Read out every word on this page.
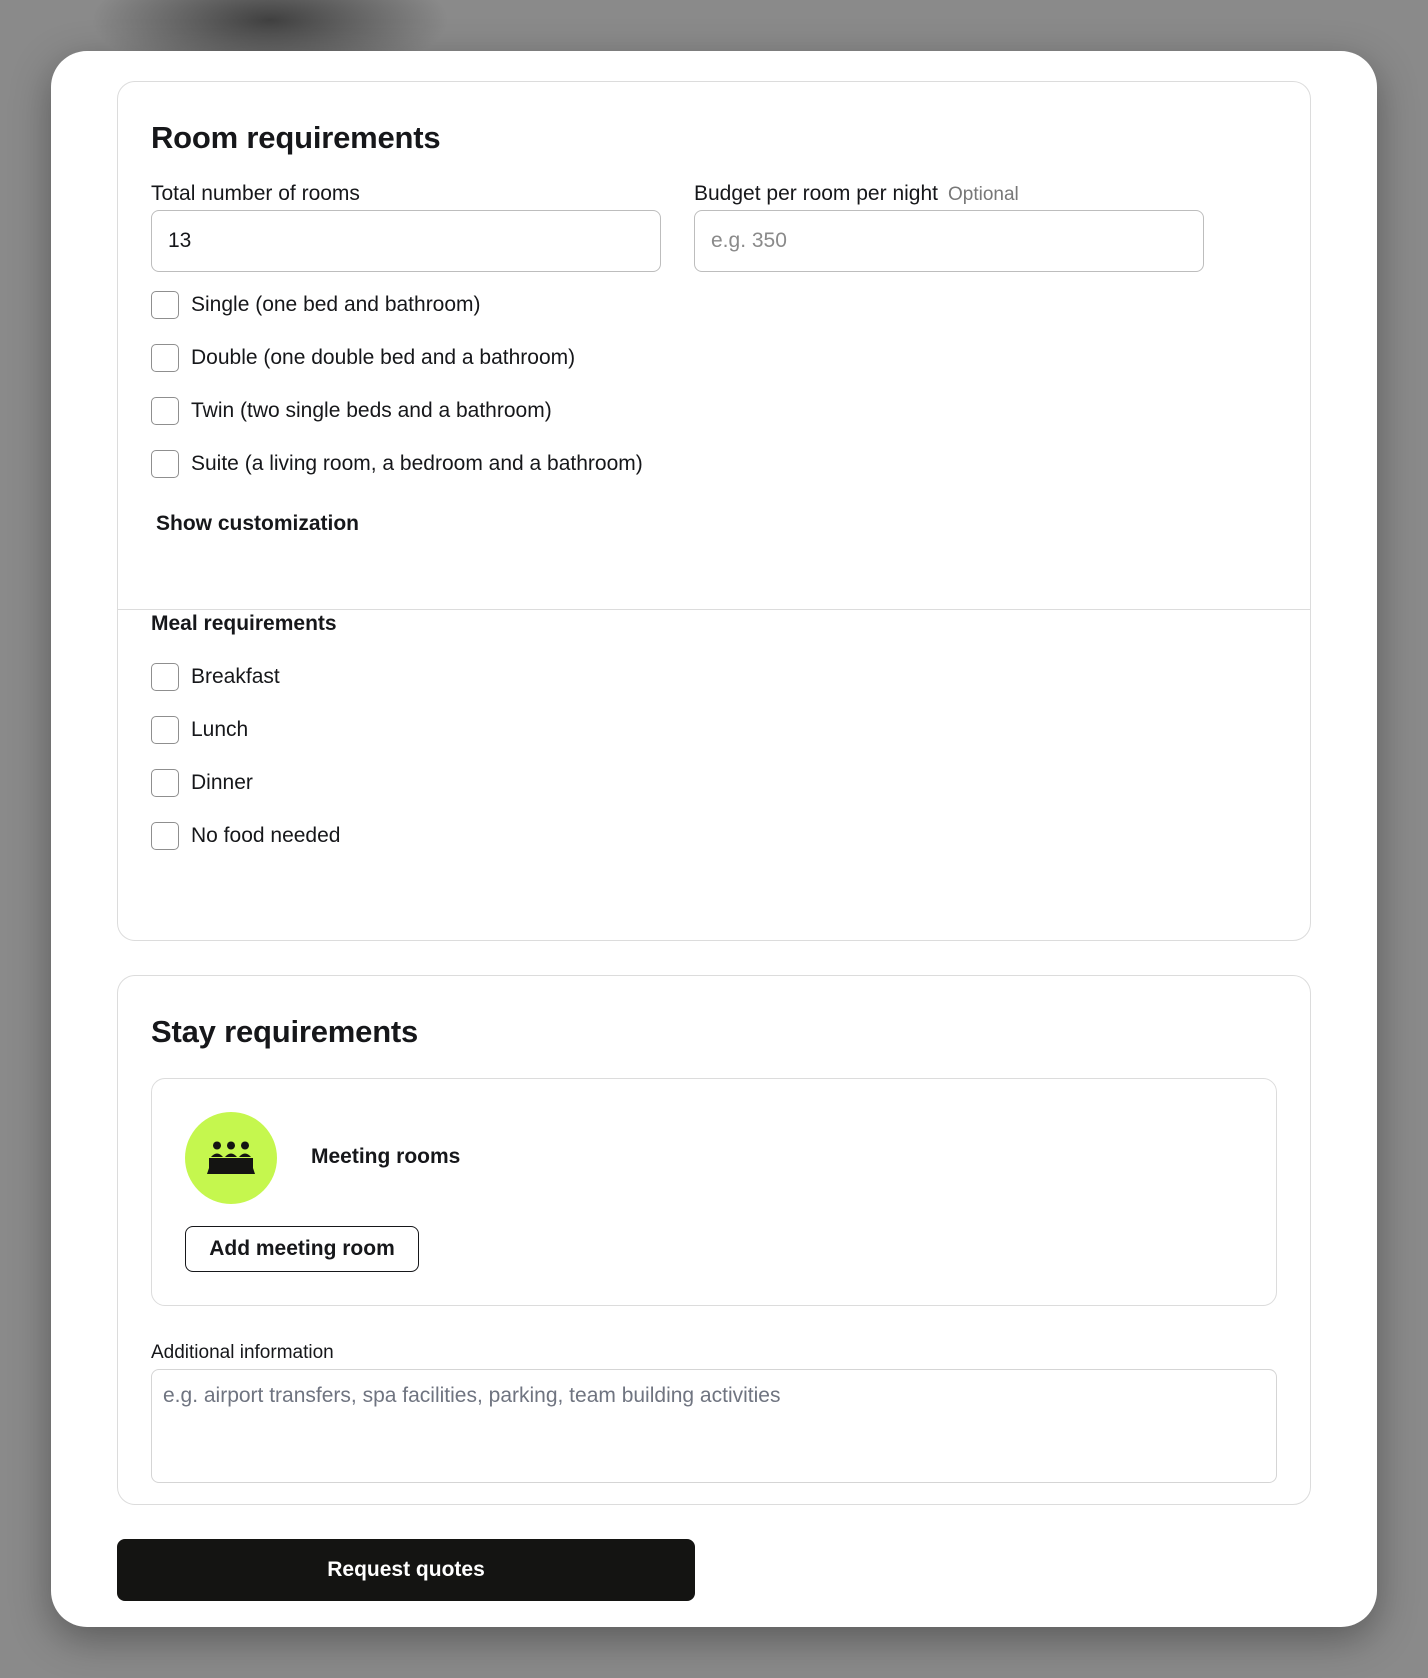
Room requirements
Total number of rooms
13	Budget per room per night Optional
e.g. 350
Single (one bed and bathroom)
Double (one double bed and a bathroom)
Twin (two single beds and a bathroom)
Suite (a living room, a bedroom and a bathroom)
Show customization
Meal requirements
Breakfast
Lunch
Dinner
No food needed
Stay requirements
Meeting rooms
Add meeting room
Additional information
e.g. airport transfers, spa facilities, parking, team building activities
Request quotes
